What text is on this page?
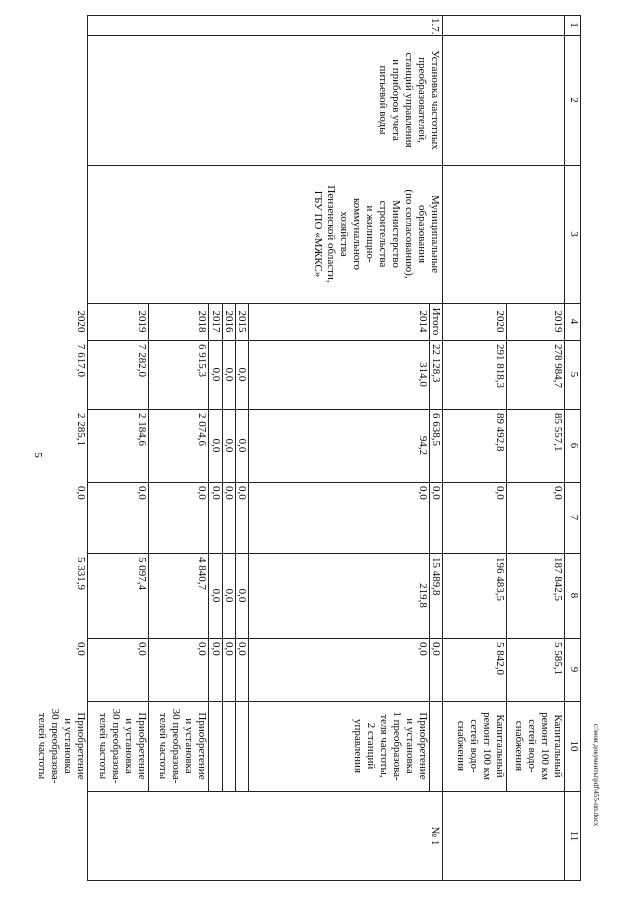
5
1
2
3
4
5
6
7
8
9
10
11
2019
278 984,7
85 557,1
0,0
187 842,5
5 585,1
Капитальный
ремонт 100 км
сетей водо-
снабжения
2020
291 818,3
89 492,8
0,0
196 483,5
5 842,0
Капитальный
ремонт 100 км
сетей водо-
снабжения
1.7.
Установка частотных
преобразователей,
станций управления
и приборов учета
питьевой воды
Муниципальные
образования
(по согласованию),
Министерство
строительства
и жилищно-
коммунального
хозяйства
Пензенской области,
ГБУ ПО «МЖКС»
№ 1
Итого
22 128,3
6 638,5
0,0
15 489,8
0,0
2014
314,0
94,2
0,0
219,8
0,0
Приобретение
и установка
1 преобразова-
теля частоты,
2 станций
управления
2015
0,0
0,0
0,0
0,0
0,0
2016
0,0
0,0
0,0
0,0
0,0
2017
0,0
0,0
0,0
0,0
0,0
2018
6 915,3
2 074,6
0,0
4 840,7
0,0
Приобретение
и установка
30 преобразова-
телей частоты
2019
7 282,0
2 184,6
0,0
5 097,4
0,0
Приобретение
и установка
30 преобразова-
телей частоты
2020
7 617,0
2 285,1
0,0
5 331,9
0,0
Приобретение
и установка
30 преобразова-
телей частоты	c:\мои документы\pdf\455-пп.docx
